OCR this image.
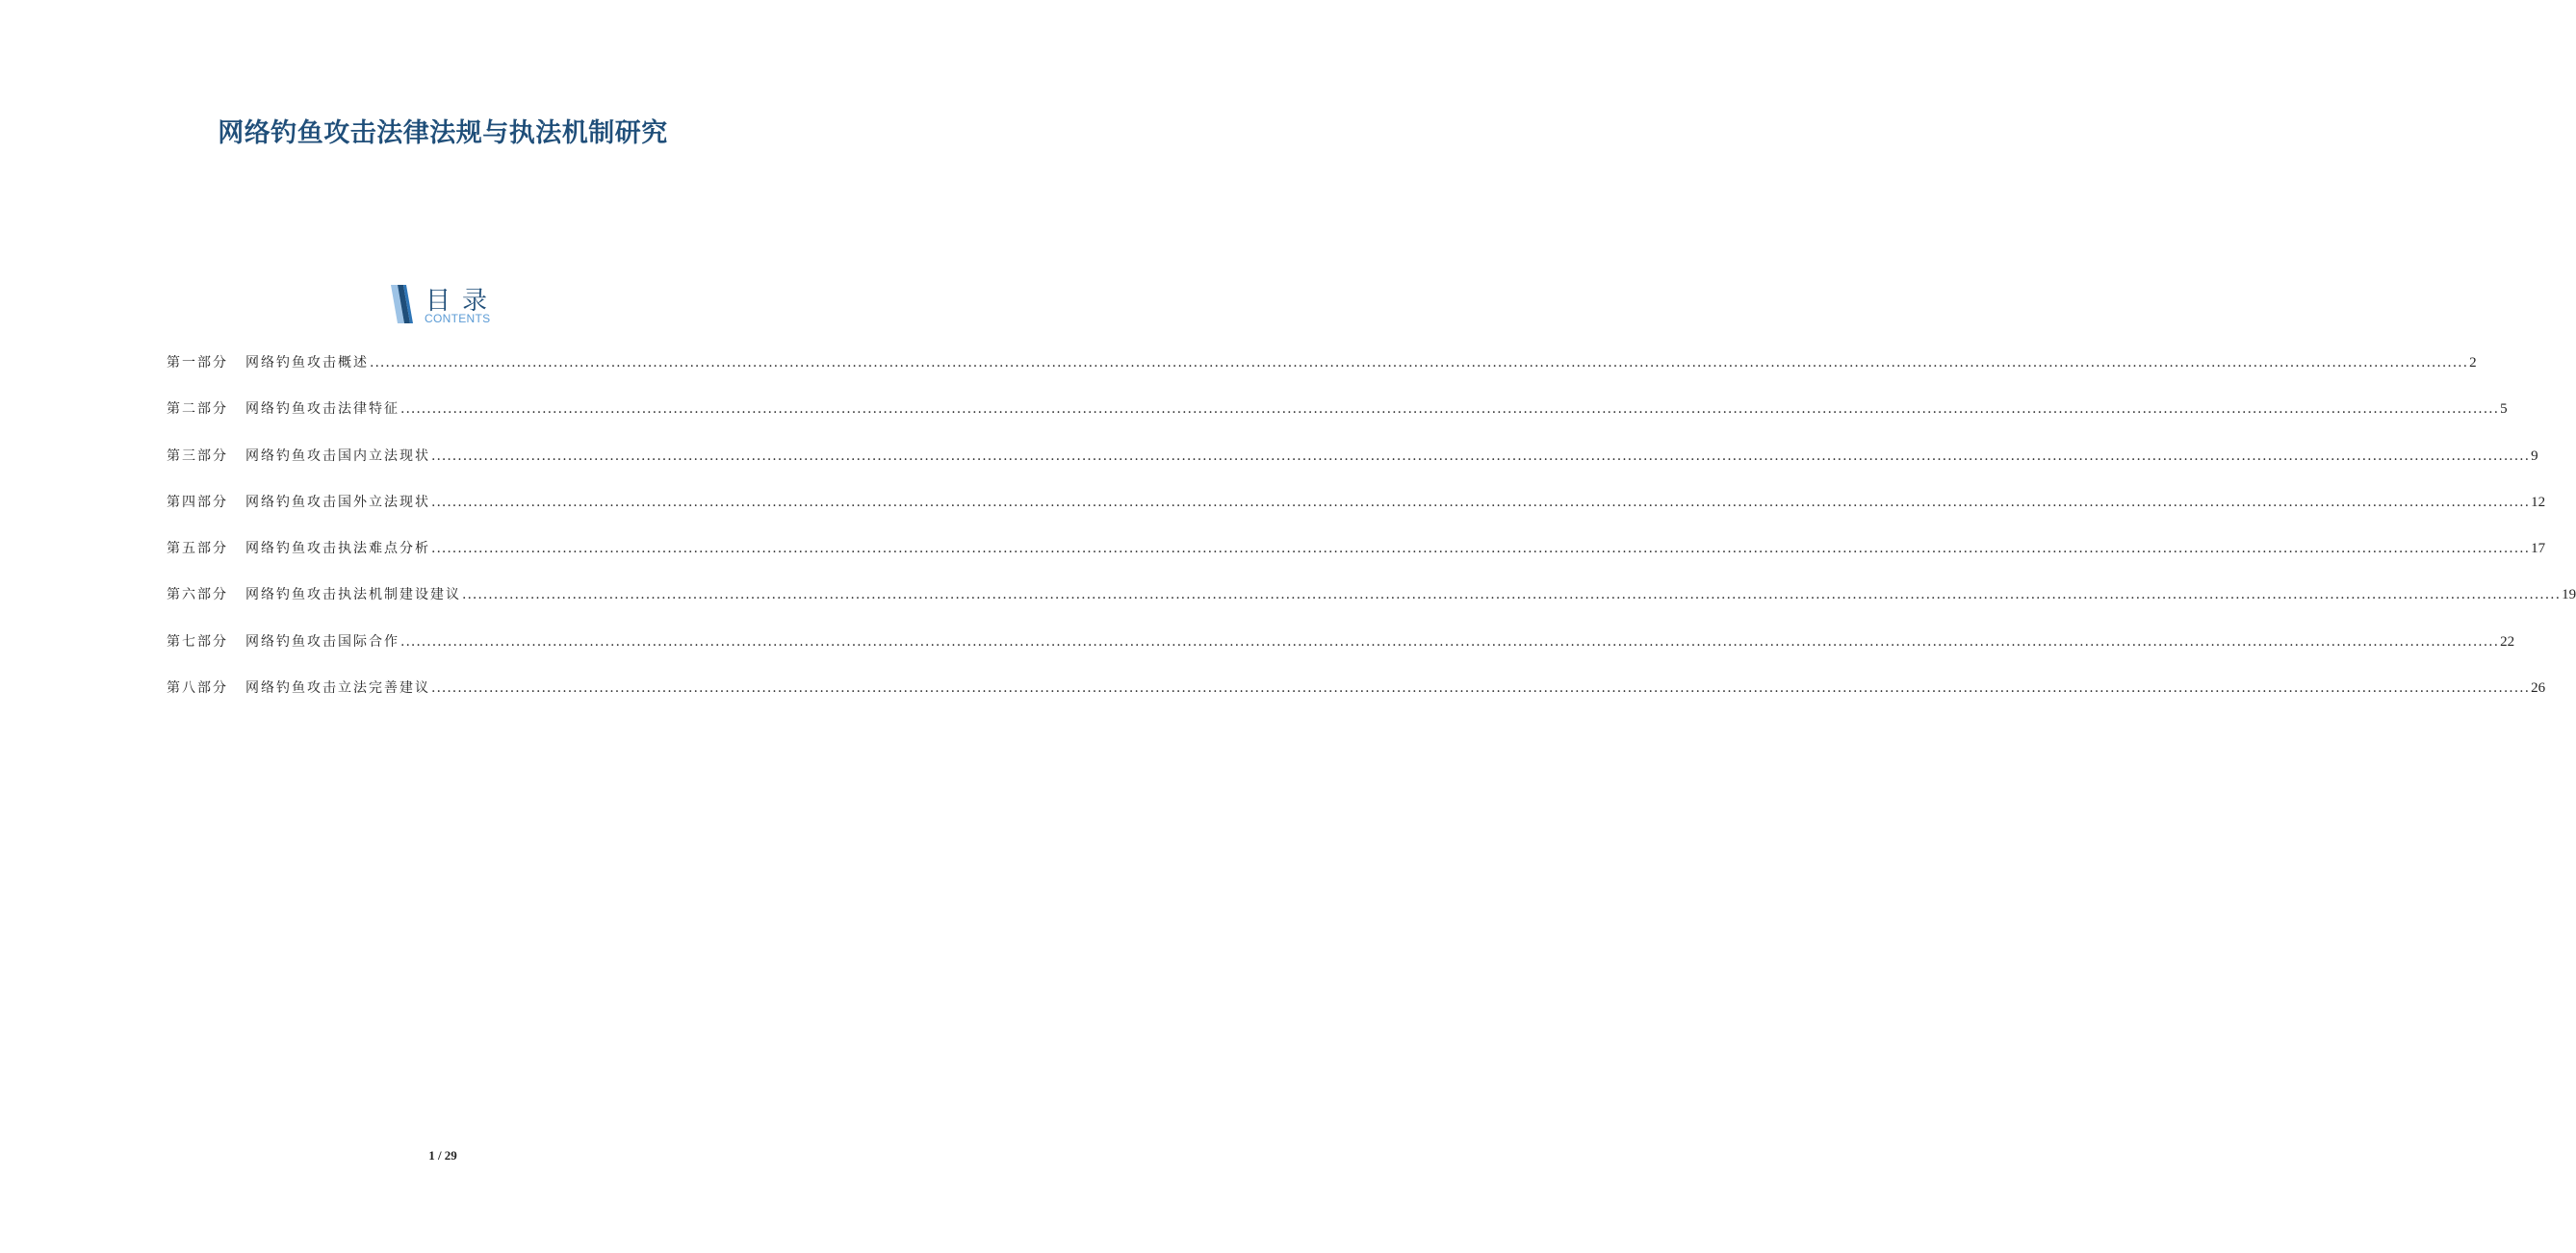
网络钓鱼攻击法律法规与执法机制研究
目录
CONTENTS
第一部分	网络钓鱼攻击概述 ................................................................................................................................................................................................................................................................................................................................................................................................................ 2
第二部分	网络钓鱼攻击法律特征 ................................................................................................................................................................................................................................................................................................................................................................................................................ 5
第三部分	网络钓鱼攻击国内立法现状 ................................................................................................................................................................................................................................................................................................................................................................................................................ 9
第四部分	网络钓鱼攻击国外立法现状 ................................................................................................................................................................................................................................................................................................................................................................................................................ 12
第五部分	网络钓鱼攻击执法难点分析 ................................................................................................................................................................................................................................................................................................................................................................................................................ 17
第六部分	网络钓鱼攻击执法机制建设建议 ................................................................................................................................................................................................................................................................................................................................................................................................................ 19
第七部分	网络钓鱼攻击国际合作 ................................................................................................................................................................................................................................................................................................................................................................................................................ 22
第八部分	网络钓鱼攻击立法完善建议 ................................................................................................................................................................................................................................................................................................................................................................................................................ 26
1 / 29
